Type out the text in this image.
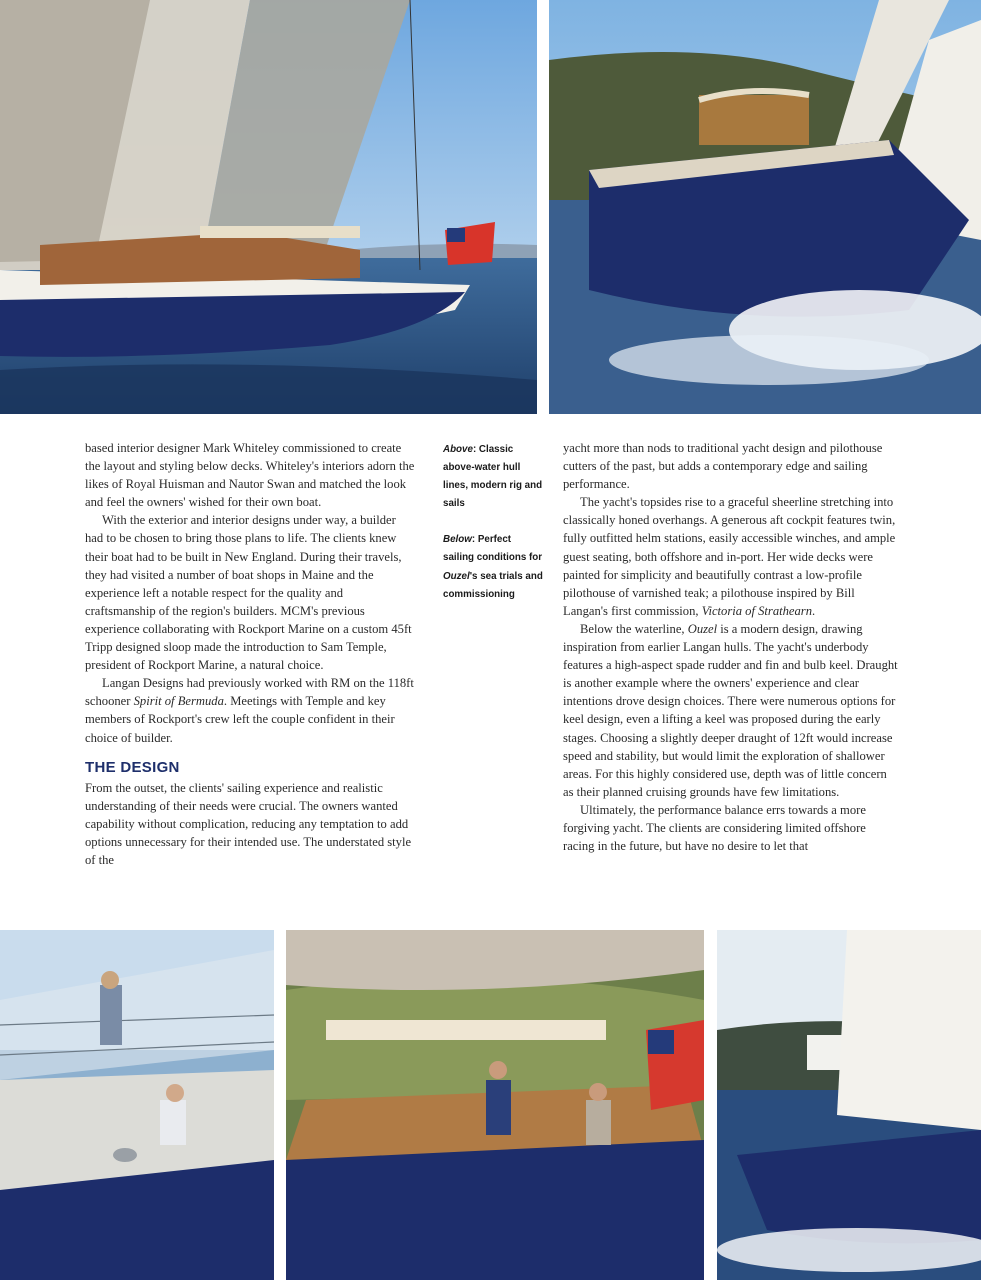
based interior designer Mark Whiteley commissioned to create the layout and styling below decks. Whiteley's interiors adorn the likes of Royal Huisman and Nautor Swan and matched the look and feel the owners' wished for their own boat.

With the exterior and interior designs under way, a builder had to be chosen to bring those plans to life. The clients knew their boat had to be built in New England. During their travels, they had visited a number of boat shops in Maine and the experience left a notable respect for the quality and craftsmanship of the region's builders. MCM's previous experience collaborating with Rockport Marine on a custom 45ft Tripp designed sloop made the introduction to Sam Temple, president of Rockport Marine, a natural choice.

Langan Designs had previously worked with RM on the 118ft schooner Spirit of Bermuda. Meetings with Temple and key members of Rockport's crew left the couple confident in their choice of builder.

THE DESIGN

From the outset, the clients' sailing experience and realistic understanding of their needs were crucial. The owners wanted capability without complication, reducing any temptation to add options unnecessary for their intended use. The understated style of the

Above: Classic above-water hull lines, modern rig and sails

Below: Perfect sailing conditions for Ouzel's sea trials and commissioning

yacht more than nods to traditional yacht design and pilothouse cutters of the past, but adds a contemporary edge and sailing performance.

The yacht's topsides rise to a graceful sheerline stretching into classically honed overhangs. A generous aft cockpit features twin, fully outfitted helm stations, easily accessible winches, and ample guest seating, both offshore and in-port. Her wide decks were painted for simplicity and beautifully contrast a low-profile pilothouse of varnished teak; a pilothouse inspired by Bill Langan's first commission, Victoria of Strathearn.

Below the waterline, Ouzel is a modern design, drawing inspiration from earlier Langan hulls. The yacht's underbody features a high-aspect spade rudder and fin and bulb keel. Draught is another example where the owners' experience and clear intentions drove design choices. There were numerous options for keel design, even a lifting a keel was proposed during the early stages. Choosing a slightly deeper draught of 12ft would increase speed and stability, but would limit the exploration of shallower areas. For this highly considered use, depth was of little concern as their planned cruising grounds have few limitations.

Ultimately, the performance balance errs towards a more forgiving yacht. The clients are considering limited offshore racing in the future, but have no desire to let that
